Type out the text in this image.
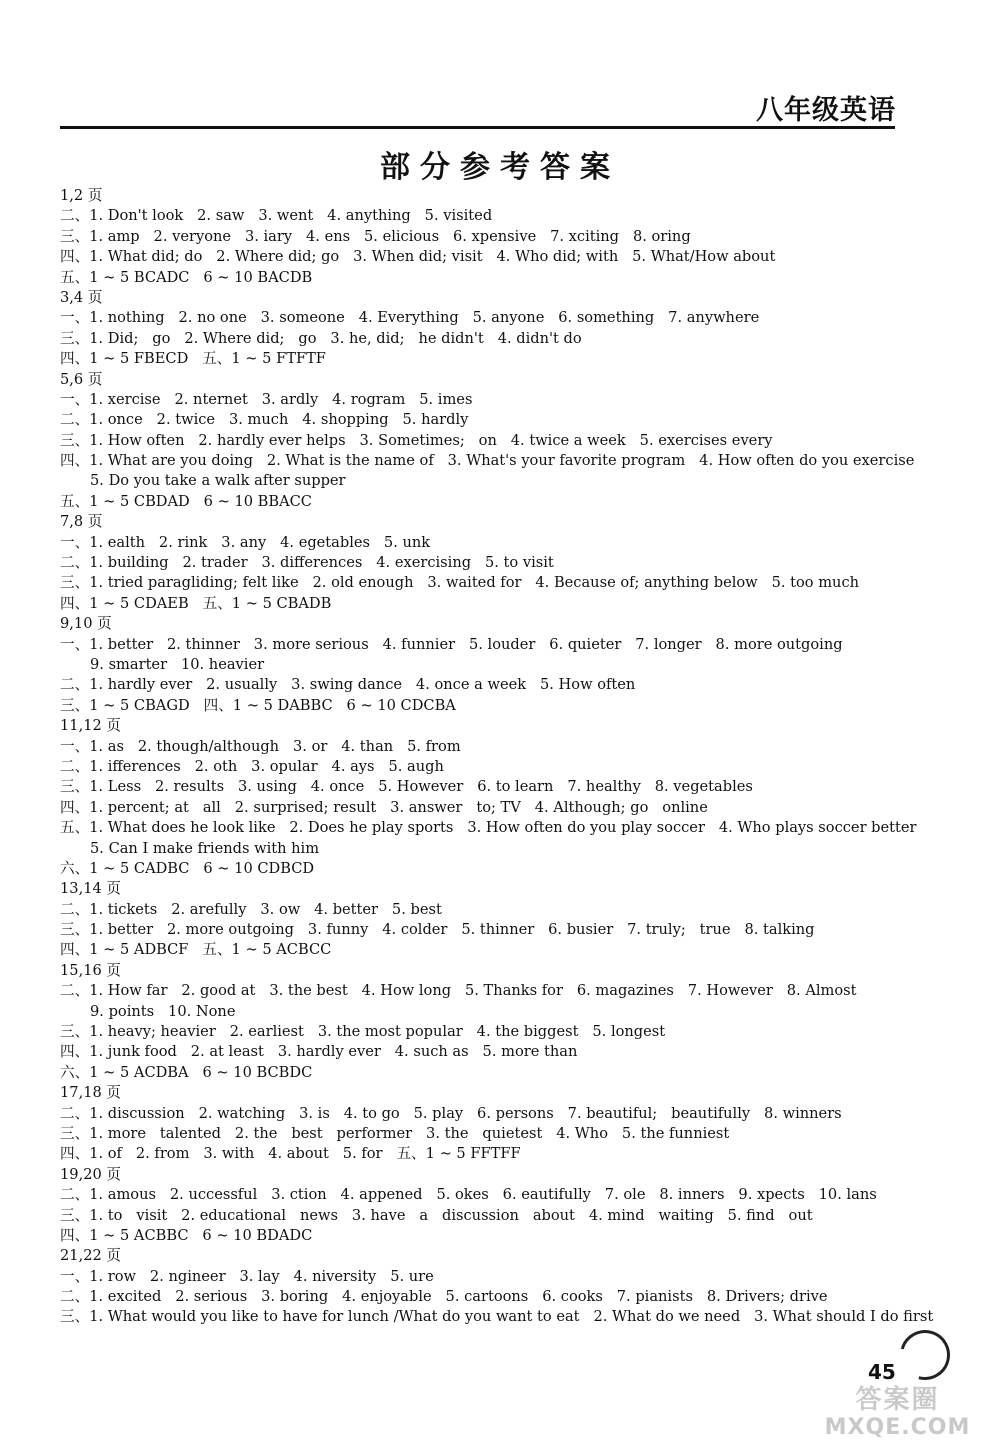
八年级英语
部分参考答案
1,2 页
二、1. Don't look   2. saw   3. went   4. anything   5. visited
三、1. amp   2. veryone   3. iary   4. ens   5. elicious   6. xpensive   7. xciting   8. oring
四、1. What did; do   2. Where did; go   3. When did; visit   4. Who did; with   5. What/How about
五、1 ~ 5 BCADC   6 ~ 10 BACDB
3,4 页
一、1. nothing   2. no one   3. someone   4. Everything   5. anyone   6. something   7. anywhere
三、1. Did;   go   2. Where did;   go   3. he, did;   he didn't   4. didn't do
四、1 ~ 5 FBECD   五、1 ~ 5 FTFTF
5,6 页
一、1. xercise   2. nternet   3. ardly   4. rogram   5. imes
二、1. once   2. twice   3. much   4. shopping   5. hardly
三、1. How often   2. hardly ever helps   3. Sometimes;   on   4. twice a week   5. exercises every
四、1. What are you doing   2. What is the name of   3. What's your favorite program   4. How often do you exercise
5. Do you take a walk after supper
五、1 ~ 5 CBDAD   6 ~ 10 BBACC
7,8 页
一、1. ealth   2. rink   3. any   4. egetables   5. unk
二、1. building   2. trader   3. differences   4. exercising   5. to visit
三、1. tried paragliding; felt like   2. old enough   3. waited for   4. Because of; anything below   5. too much
四、1 ~ 5 CDAEB   五、1 ~ 5 CBADB
9,10 页
一、1. better   2. thinner   3. more serious   4. funnier   5. louder   6. quieter   7. longer   8. more outgoing
9. smarter   10. heavier
二、1. hardly ever   2. usually   3. swing dance   4. once a week   5. How often
三、1 ~ 5 CBAGD   四、1 ~ 5 DABBC   6 ~ 10 CDCBA
11,12 页
一、1. as   2. though/although   3. or   4. than   5. from
二、1. ifferences   2. oth   3. opular   4. ays   5. augh
三、1. Less   2. results   3. using   4. once   5. However   6. to learn   7. healthy   8. vegetables
四、1. percent; at   all   2. surprised; result   3. answer   to; TV   4. Although; go   online
五、1. What does he look like   2. Does he play sports   3. How often do you play soccer   4. Who plays soccer better
5. Can I make friends with him
六、1 ~ 5 CADBC   6 ~ 10 CDBCD
13,14 页
二、1. tickets   2. arefully   3. ow   4. better   5. best
三、1. better   2. more outgoing   3. funny   4. colder   5. thinner   6. busier   7. truly;   true   8. talking
四、1 ~ 5 ADBCF   五、1 ~ 5 ACBCC
15,16 页
二、1. How far   2. good at   3. the best   4. How long   5. Thanks for   6. magazines   7. However   8. Almost
9. points   10. None
三、1. heavy; heavier   2. earliest   3. the most popular   4. the biggest   5. longest
四、1. junk food   2. at least   3. hardly ever   4. such as   5. more than
六、1 ~ 5 ACDBA   6 ~ 10 BCBDC
17,18 页
二、1. discussion   2. watching   3. is   4. to go   5. play   6. persons   7. beautiful;   beautifully   8. winners
三、1. more   talented   2. the   best   performer   3. the   quietest   4. Who   5. the funniest
四、1. of   2. from   3. with   4. about   5. for   五、1 ~ 5 FFTFF
19,20 页
二、1. amous   2. uccessful   3. ction   4. appened   5. okes   6. eautifully   7. ole   8. inners   9. xpects   10. lans
三、1. to   visit   2. educational   news   3. have   a   discussion   about   4. mind   waiting   5. find   out
四、1 ~ 5 ACBBC   6 ~ 10 BDADC
21,22 页
一、1. row   2. ngineer   3. lay   4. niversity   5. ure
二、1. excited   2. serious   3. boring   4. enjoyable   5. cartoons   6. cooks   7. pianists   8. Drivers; drive
三、1. What would you like to have for lunch /What do you want to eat   2. What do we need   3. What should I do first
45
答案圈
MXQE.COM
